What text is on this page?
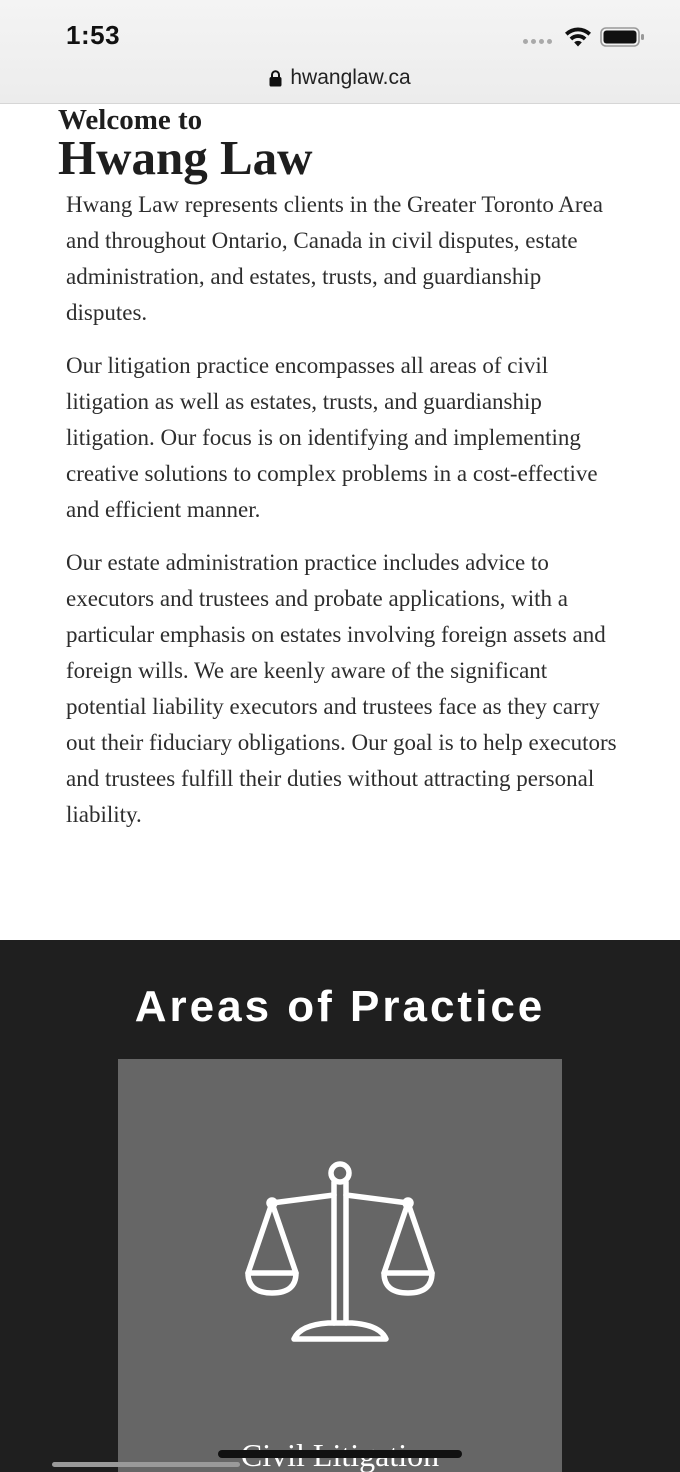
1:53
hwanglaw.ca
Welcome to
Hwang Law

Hwang Law represents clients in the Greater Toronto Area and throughout Ontario, Canada in civil disputes, estate administration, and estates, trusts, and guardianship disputes.

Our litigation practice encompasses all areas of civil litigation as well as estates, trusts, and guardianship litigation. Our focus is on identifying and implementing creative solutions to complex problems in a cost-effective and efficient manner.

Our estate administration practice includes advice to executors and trustees and probate applications, with a particular emphasis on estates involving foreign assets and foreign wills. We are keenly aware of the significant potential liability executors and trustees face as they carry out their fiduciary obligations. Our goal is to help executors and trustees fulfill their duties without attracting personal liability.

Areas of Practice
